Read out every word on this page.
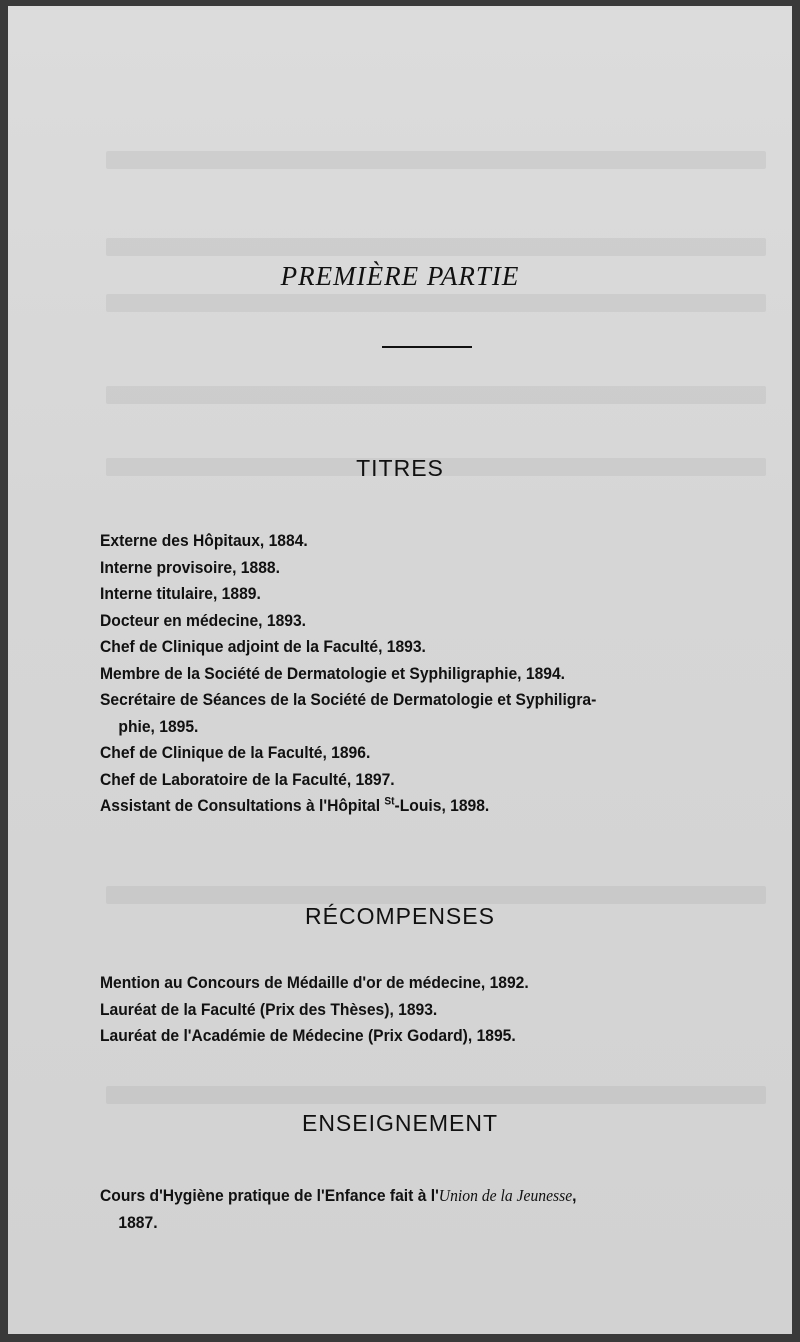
PREMIÈRE PARTIE
TITRES
Externe des Hôpitaux, 1884.
Interne provisoire, 1888.
Interne titulaire, 1889.
Docteur en médecine, 1893.
Chef de Clinique adjoint de la Faculté, 1893.
Membre de la Société de Dermatologie et Syphiligraphie, 1894.
Secrétaire de Séances de la Société de Dermatologie et Syphiligra-
phie, 1895.
Chef de Clinique de la Faculté, 1896.
Chef de Laboratoire de la Faculté, 1897.
Assistant de Consultations à l'Hôpital $^{St}$-Louis, 1898.
RÉCOMPENSES
Mention au Concours de Médaille d'or de médecine, 1892.
Lauréat de la Faculté (Prix des Thèses), 1893.
Lauréat de l'Académie de Médecine (Prix Godard), 1895.
ENSEIGNEMENT
Cours d'Hygiène pratique de l'Enfance fait à l'Union de la Jeunesse,
1887.
